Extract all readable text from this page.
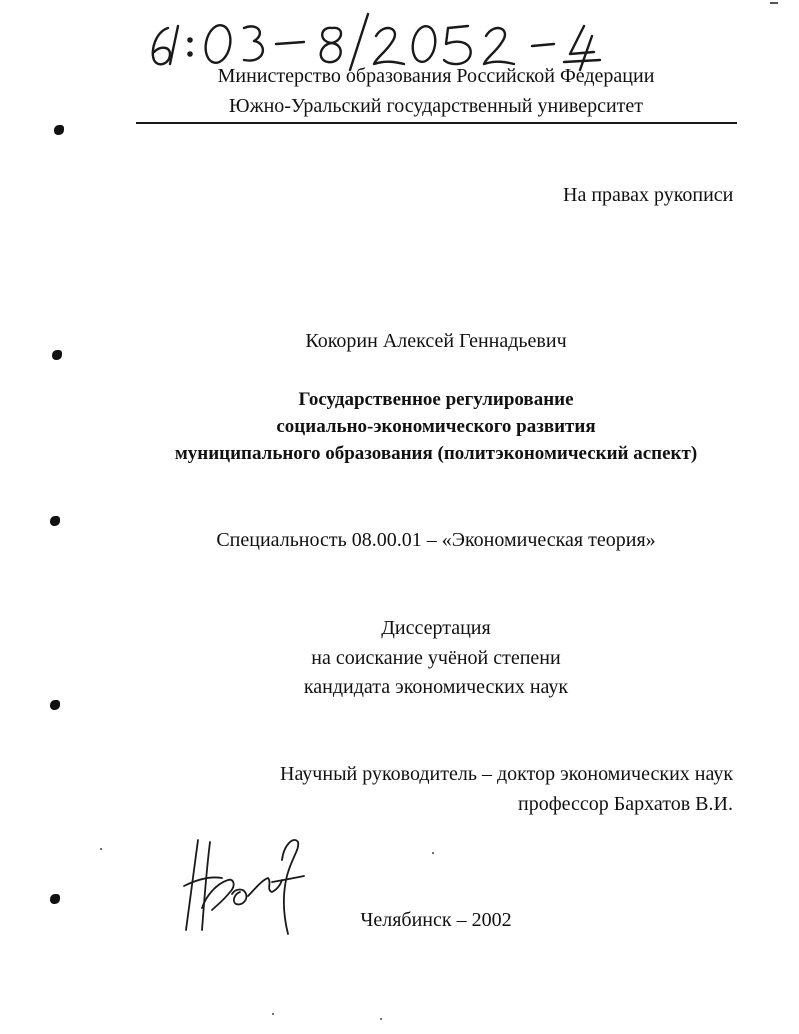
Министерство образования Российской Федерации
Южно-Уральский государственный университет
На правах рукописи
Кокорин Алексей Геннадьевич
Государственное регулирование
социально-экономического развития
муниципального образования (политэкономический аспект)
Специальность 08.00.01 – «Экономическая теория»
Диссертация
на соискание учёной степени
кандидата экономических наук
Научный руководитель – доктор экономических наук
профессор Бархатов В.И.
Челябинск – 2002
